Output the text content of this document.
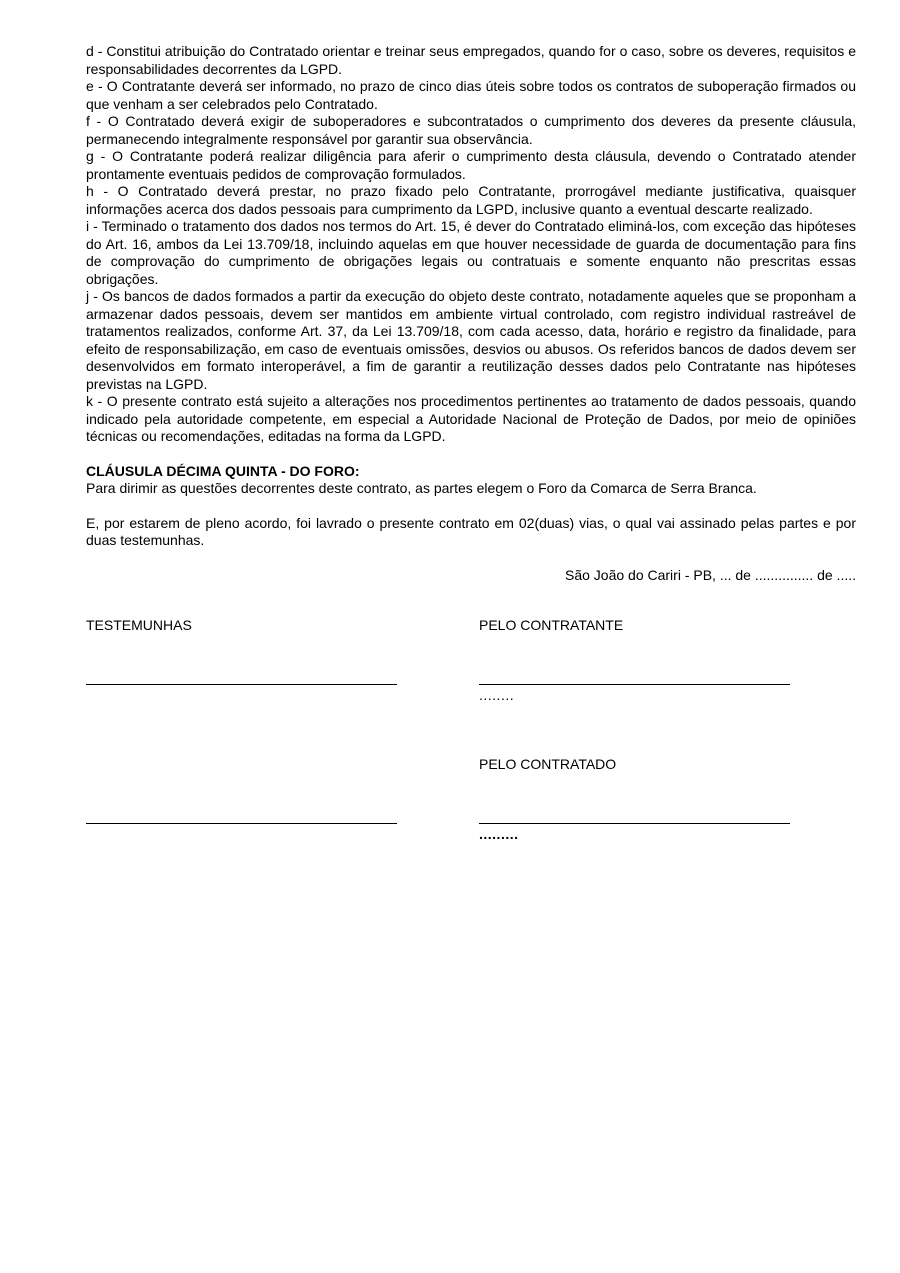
d - Constitui atribuição do Contratado orientar e treinar seus empregados, quando for o caso, sobre os deveres, requisitos e responsabilidades decorrentes da LGPD.

e - O Contratante deverá ser informado, no prazo de cinco dias úteis sobre todos os contratos de suboperação firmados ou que venham a ser celebrados pelo Contratado.

f - O Contratado deverá exigir de suboperadores e subcontratados o cumprimento dos deveres da presente cláusula, permanecendo integralmente responsável por garantir sua observância.

g - O Contratante poderá realizar diligência para aferir o cumprimento desta cláusula, devendo o Contratado atender prontamente eventuais pedidos de comprovação formulados.

h - O Contratado deverá prestar, no prazo fixado pelo Contratante, prorrogável mediante justificativa, quaisquer informações acerca dos dados pessoais para cumprimento da LGPD, inclusive quanto a eventual descarte realizado.

i - Terminado o tratamento dos dados nos termos do Art. 15, é dever do Contratado eliminá-los, com exceção das hipóteses do Art. 16, ambos da Lei 13.709/18, incluindo aquelas em que houver necessidade de guarda de documentação para fins de comprovação do cumprimento de obrigações legais ou contratuais e somente enquanto não prescritas essas obrigações.

j - Os bancos de dados formados a partir da execução do objeto deste contrato, notadamente aqueles que se proponham a armazenar dados pessoais, devem ser mantidos em ambiente virtual controlado, com registro individual rastreável de tratamentos realizados, conforme Art. 37, da Lei 13.709/18, com cada acesso, data, horário e registro da finalidade, para efeito de responsabilização, em caso de eventuais omissões, desvios ou abusos. Os referidos bancos de dados devem ser desenvolvidos em formato interoperável, a fim de garantir a reutilização desses dados pelo Contratante nas hipóteses previstas na LGPD.

k - O presente contrato está sujeito a alterações nos procedimentos pertinentes ao tratamento de dados pessoais, quando indicado pela autoridade competente, em especial a Autoridade Nacional de Proteção de Dados, por meio de opiniões técnicas ou recomendações, editadas na forma da LGPD.

CLÁUSULA DÉCIMA QUINTA - DO FORO:

Para dirimir as questões decorrentes deste contrato, as partes elegem o Foro da Comarca de Serra Branca.

E, por estarem de pleno acordo, foi lavrado o presente contrato em 02(duas) vias, o qual vai assinado pelas partes e por duas testemunhas.

São João do Cariri - PB, ... de ............... de .....

TESTEMUNHAS	PELO CONTRATANTE

........

PELO CONTRATADO

.........
